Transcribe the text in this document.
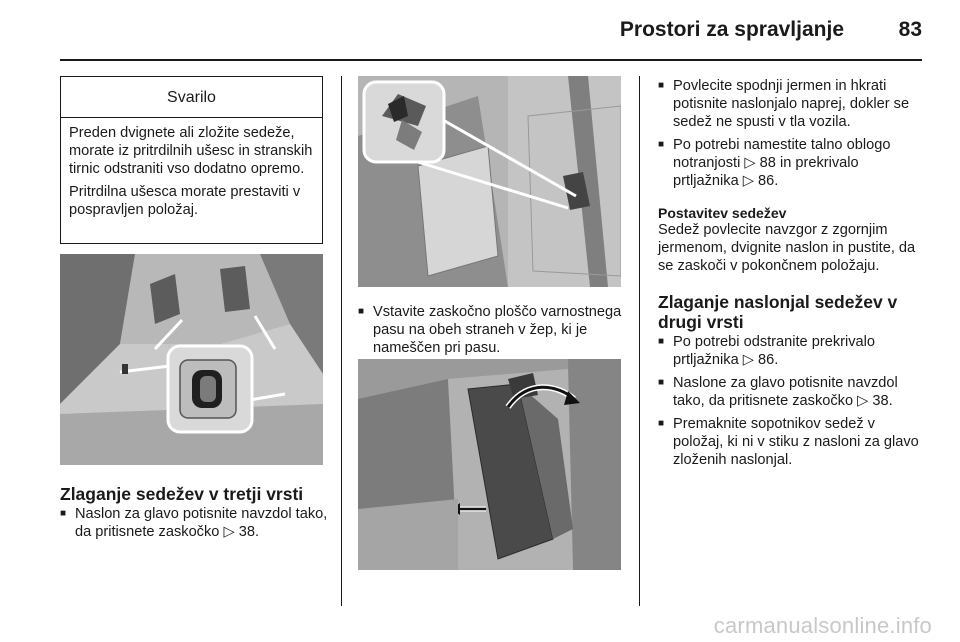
Prostori za spravljanje	83
Svarilo

Preden dvignete ali zložite sedeže, morate iz pritrdilnih ušesc in stranskih tirnic odstraniti vso dodatno opremo.

Pritrdilna ušesca morate prestaviti v pospravljen položaj.

Zlaganje sedežev v tretji vrsti
■ Naslon za glavo potisnite navzdol tako, da pritisnete zaskočko ▷ 38.
■ Vstavite zaskočno ploščo varnostnega pasu na obeh straneh v žep, ki je nameščen pri pasu.
■ Povlecite spodnji jermen in hkrati potisnite naslonjalo naprej, dokler se sedež ne spusti v tla vozila.
■ Po potrebi namestite talno oblogo notranjosti ▷ 88 in prekrivalo prtljažnika ▷ 86.
Postavitev sedežev
Sedež povlecite navzgor z zgornjim jermenom, dvignite naslon in pustite, da se zaskoči v pokončnem položaju.
Zlaganje naslonjal sedežev v drugi vrsti
■ Po potrebi odstranite prekrivalo prtljažnika ▷ 86.
■ Naslone za glavo potisnite navzdol tako, da pritisnete zaskočko ▷ 38.
■ Premaknite sopotnikov sedež v položaj, ki ni v stiku z nasloni za glavo zloženih naslonjal.
carmanualsonline.info
